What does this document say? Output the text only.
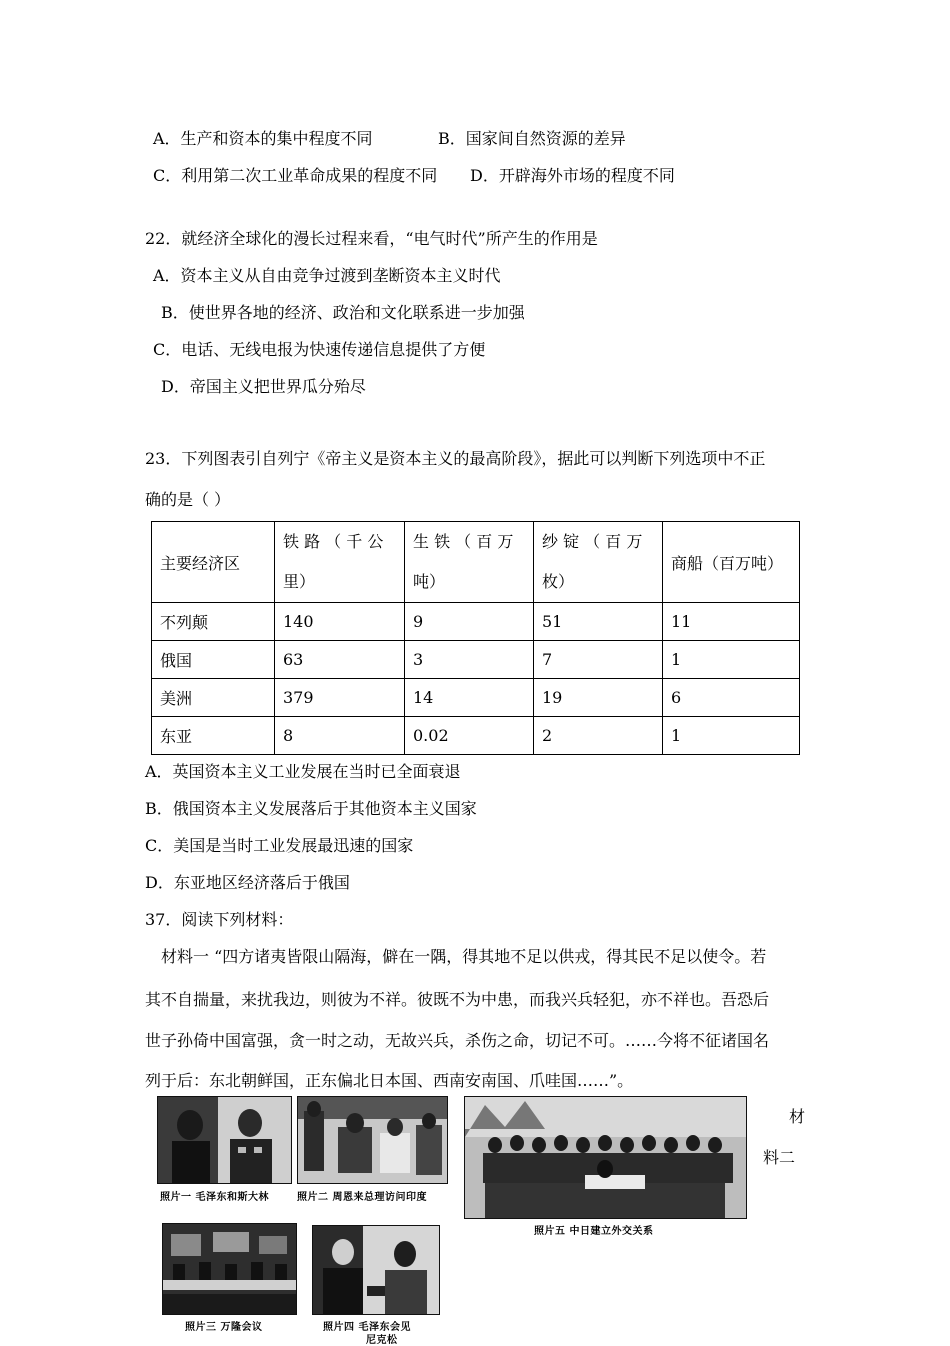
A．生产和资本的集中程度不同	B．国家间自然资源的差异
C．利用第二次工业革命成果的程度不同 D．开辟海外市场的程度不同
22．就经济全球化的漫长过程来看，“电气时代”所产生的作用是
A．资本主义从自由竞争过渡到垄断资本主义时代
B．使世界各地的经济、政治和文化联系进一步加强
C．电话、无线电报为快速传递信息提供了方便
D．帝国主义把世界瓜分殆尽
23．下列图表引自列宁《帝主义是资本主义的最高阶段》，据此可以判断下列选项中不正
确的是（ ）
主要经济区	铁 路 （ 千 公 里）	生 铁 （ 百 万 吨）	纱 锭 （ 百 万 枚）	商船（百万吨）
不列颠	140	9	51	11
俄国	63	3	7	1
美洲	379	14	19	6
东亚	8	0.02	2	1
A．英国资本主义工业发展在当时已全面衰退
B．俄国资本主义发展落后于其他资本主义国家
C．美国是当时工业发展最迅速的国家
D．东亚地区经济落后于俄国
37．阅读下列材料：
材料一 “四方诸夷皆限山隔海，僻在一隅，得其地不足以供戎，得其民不足以使令。若
其不自揣量，来扰我边，则彼为不祥。彼既不为中患，而我兴兵轻犯，亦不祥也。吾恐后
世子孙倚中国富强，贪一时之动，无故兴兵，杀伤之命，切记不可。……今将不征诸国名
列于后：东北朝鲜国，正东偏北日本国、西南安南国、爪哇国……”。
材
料二
照片一 毛泽东和斯大林	照片二 周恩来总理访问印度
照片五 中日建立外交关系
照片三 万隆会议	照片四 毛泽东会见
尼克松
